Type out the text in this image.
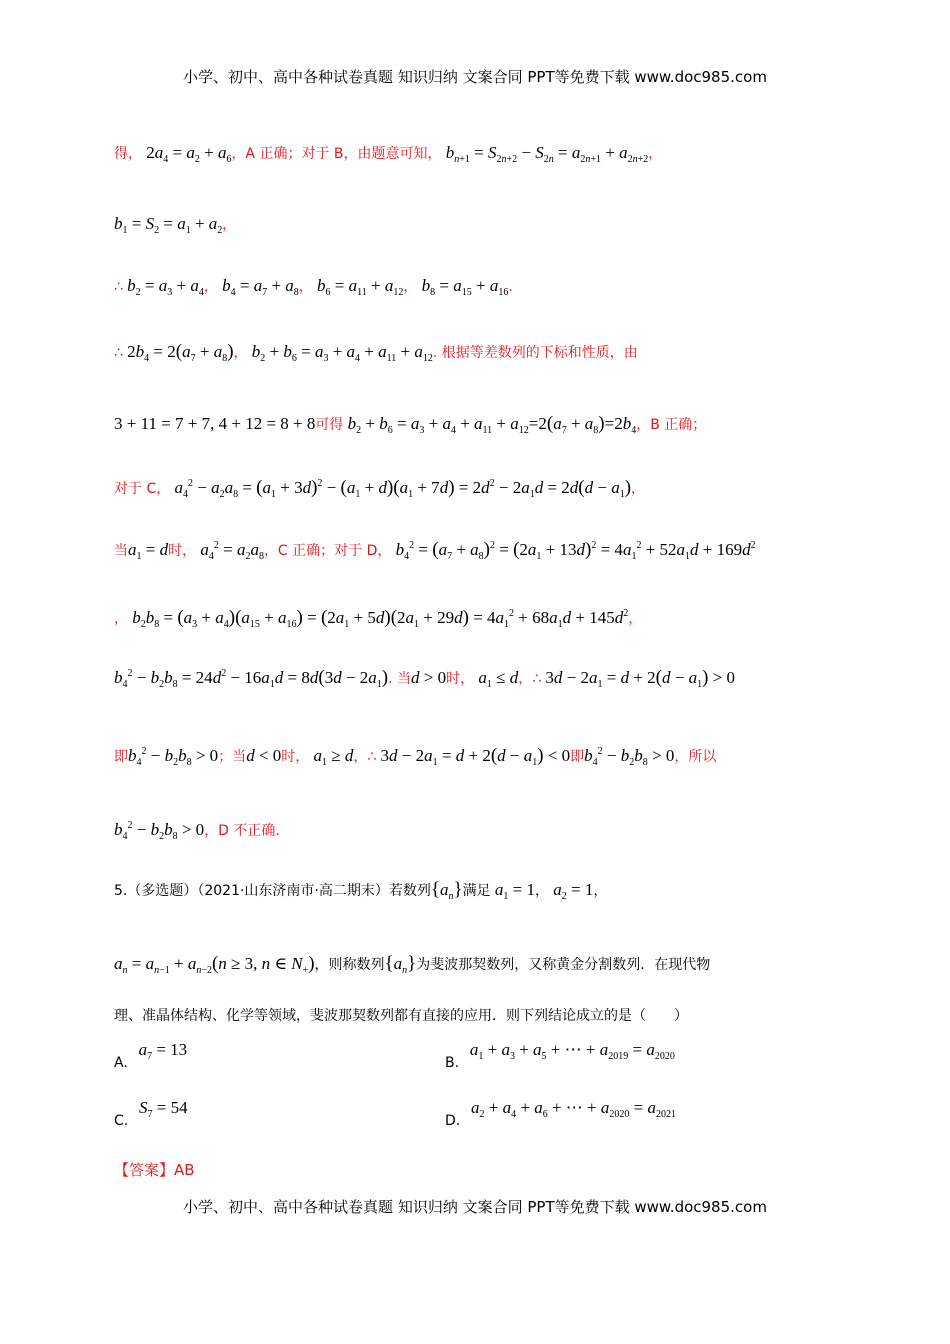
小学、初中、高中各种试卷真题 知识归纳 文案合同 PPT等免费下载 www.doc985.com
得， $2a_4 = a_2 + a_6$，A 正确；对于 B，由题意可知， $b_{n+1} = S_{2n+2} - S_{2n} = a_{2n+1} + a_{2n+2}$，
$b_1 = S_2 = a_1 + a_2$，
∴ $b_2 = a_3 + a_4$， $b_4 = a_7 + a_8$， $b_6 = a_{11} + a_{12}$， $b_8 = a_{15} + a_{16}$.
∴ $2b_4 = 2(a_7 + a_8)$， $b_2 + b_6 = a_3 + a_4 + a_{11} + a_{12}$. 根据等差数列的下标和性质，由
3 + 11 = 7 + 7, 4 + 12 = 8 + 8可得 $b_2 + b_6 = a_3 + a_4 + a_{11} + a_{12}=2(a_7 + a_8)=2b_4$，B 正确；
对于 C， $a_4^2 - a_2a_8 = (a_1 + 3d)^2 - (a_1 + d)(a_1 + 7d) = 2d^2 - 2a_1d = 2d(d - a_1)$，
当$a_1 = d$时， $a_4^2 = a_2a_8$，C 正确；对于 D， $b_4^2 = (a_7 + a_8)^2 = (2a_1 + 13d)^2 = 4a_1^2 + 52a_1d + 169d^2$
， $b_2b_8 = (a_3 + a_4)(a_{15} + a_{16}) = (2a_1 + 5d)(2a_1 + 29d) = 4a_1^2 + 68a_1d + 145d^2$，
$b_4^2 - b_2b_8 = 24d^2 - 16a_1d = 8d(3d - 2a_1)$. 当d > 0时， $a_1 \le d$，∴ $3d - 2a_1 = d + 2(d - a_1) > 0$
即$b_4^2 - b_2b_8 > 0$；当d < 0时， $a_1 \ge d$，∴ $3d - 2a_1 = d + 2(d - a_1) < 0$即$b_4^2 - b_2b_8 > 0$，所以
$b_4^2 - b_2b_8 > 0$，D 不正确.
5.（多选题）（2021·山东济南市·高二期末）若数列$\{a_n\}$满足 $a_1 = 1$， $a_2 = 1$，
$a_n = a_{n-1} + a_{n-2}(n \ge 3$, n ∈ $N_+$)，则称数列$\{a_n\}$为斐波那契数列，又称黄金分割数列．在现代物
理、准晶体结构、化学等领域，斐波那契数列都有直接的应用．则下列结论成立的是（　　）
A. $a_7 = 13$
B. $a_1 + a_3 + a_5$ + ⋯ + $a_{2019} = a_{2020}$
C. $S_7 = 54$
D. $a_2 + a_4 + a_6$ + ⋯ + $a_{2020} = a_{2021}$
【答案】AB
小学、初中、高中各种试卷真题 知识归纳 文案合同 PPT等免费下载 www.doc985.com
